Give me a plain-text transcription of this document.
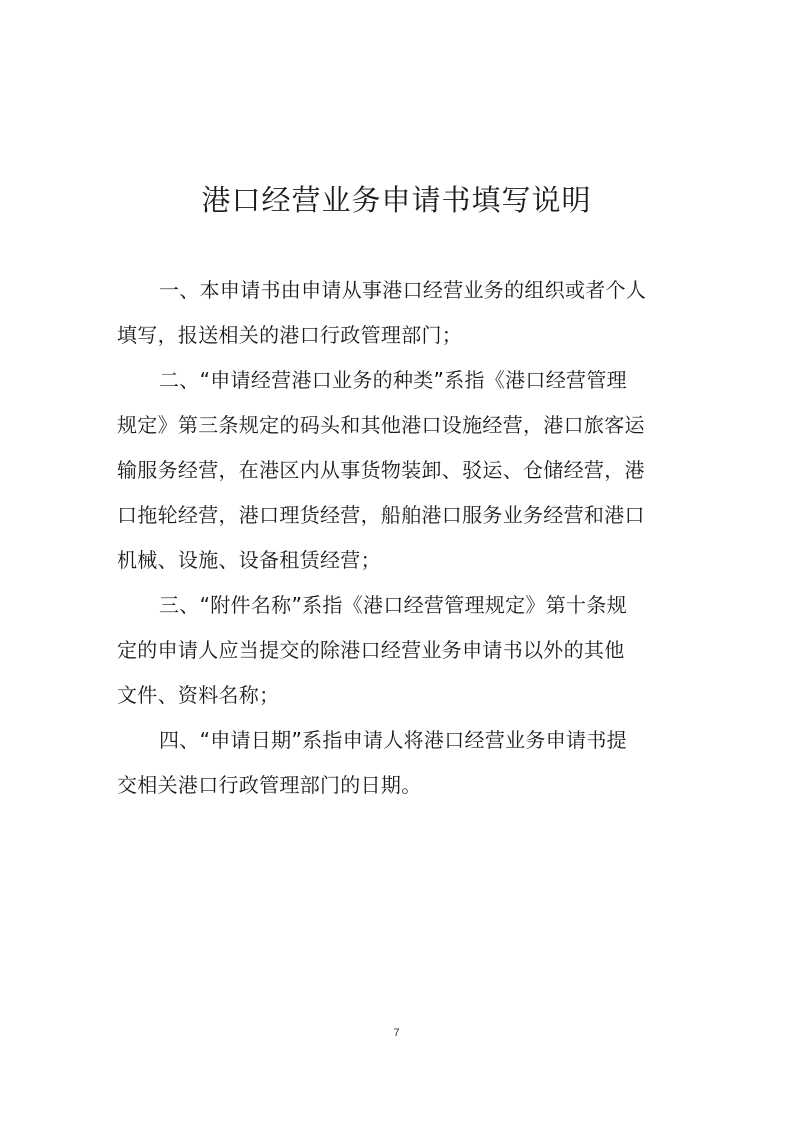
港口经营业务申请书填写说明
一、本申请书由申请从事港口经营业务的组织或者个人
填写，报送相关的港口行政管理部门；
二、“申请经营港口业务的种类”系指《港口经营管理
规定》第三条规定的码头和其他港口设施经营，港口旅客运
输服务经营，在港区内从事货物装卸、驳运、仓储经营，港
口拖轮经营，港口理货经营，船舶港口服务业务经营和港口
机械、设施、设备租赁经营；
三、“附件名称”系指《港口经营管理规定》第十条规
定的申请人应当提交的除港口经营业务申请书以外的其他
文件、资料名称；
四、“申请日期”系指申请人将港口经营业务申请书提
交相关港口行政管理部门的日期。
7
